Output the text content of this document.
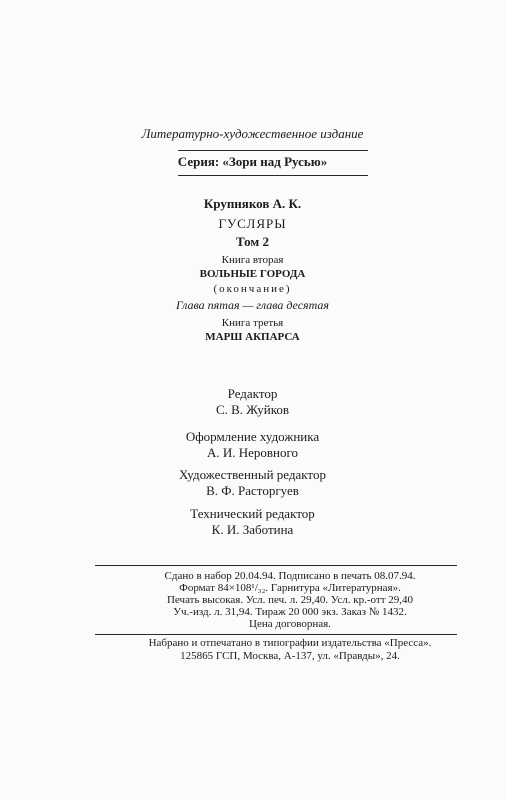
Литературно-художественное издание
Серия: «Зори над Русью»
Крупняков А. К.
ГУСЛЯРЫ
Том 2
Книга вторая
ВОЛЬНЫЕ ГОРОДА
(окончание)
Глава пятая — глава десятая
Книга третья
МАРШ АКПАРСА
Редактор
С. В. Жуйков
Оформление художника
А. И. Неровного
Художественный редактор
В. Ф. Расторгуев
Технический редактор
К. И. Заботина
Сдано в набор 20.04.94. Подписано в печать 08.07.94.
Формат 84×108¹/₃₂. Гарнитура «Литературная».
Печать высокая. Усл. печ. л. 29,40. Усл. кр.-отт 29,40
Уч.-изд. л. 31,94. Тираж 20 000 экз. Заказ № 1432.
Цена договорная.
Набрано и отпечатано в типографии издательства «Пресса».
125865 ГСП, Москва, А-137, ул. «Правды», 24.
